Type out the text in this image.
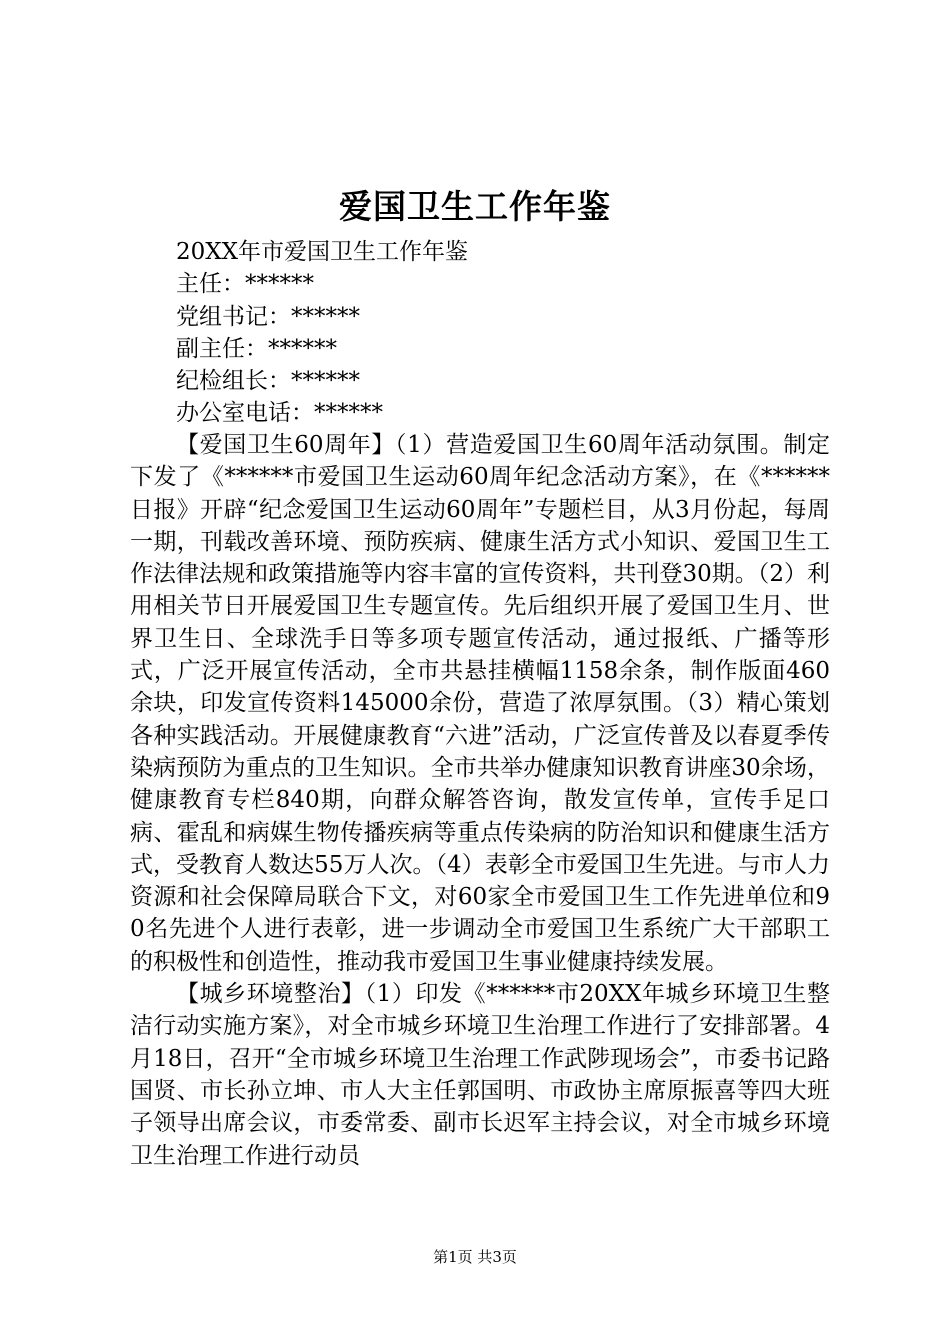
爱国卫生工作年鉴
20XX年市爱国卫生工作年鉴
主任：******
党组书记：******
副主任：******
纪检组长：******
办公室电话：******

【爱国卫生60周年】（1）营造爱国卫生60周年活动氛围。制定下发了《******市爱国卫生运动60周年纪念活动方案》，在《******日报》开辟“纪念爱国卫生运动60周年”专题栏目，从3月份起，每周一期，刊载改善环境、预防疾病、健康生活方式小知识、爱国卫生工作法律法规和政策措施等内容丰富的宣传资料，共刊登30期。（2）利用相关节日开展爱国卫生专题宣传。先后组织开展了爱国卫生月、世界卫生日、全球洗手日等多项专题宣传活动，通过报纸、广播等形式，广泛开展宣传活动，全市共悬挂横幅1158余条，制作版面460余块，印发宣传资料145000余份，营造了浓厚氛围。（3）精心策划各种实践活动。开展健康教育“六进”活动，广泛宣传普及以春夏季传染病预防为重点的卫生知识。全市共举办健康知识教育讲座30余场，健康教育专栏840期，向群众解答咨询，散发宣传单，宣传手足口病、霍乱和病媒生物传播疾病等重点传染病的防治知识和健康生活方式，受教育人数达55万人次。（4）表彰全市爱国卫生先进。与市人力资源和社会保障局联合下文，对60家全市爱国卫生工作先进单位和90名先进个人进行表彰，进一步调动全市爱国卫生系统广大干部职工的积极性和创造性，推动我市爱国卫生事业健康持续发展。

【城乡环境整治】（1）印发《******市20XX年城乡环境卫生整洁行动实施方案》，对全市城乡环境卫生治理工作进行了安排部署。4月18日，召开“全市城乡环境卫生治理工作武陟现场会”，市委书记路国贤、市长孙立坤、市人大主任郭国明、市政协主席原振喜等四大班子领导出席会议，市委常委、副市长迟军主持会议，对全市城乡环境卫生治理工作进行动员

第1页 共3页
